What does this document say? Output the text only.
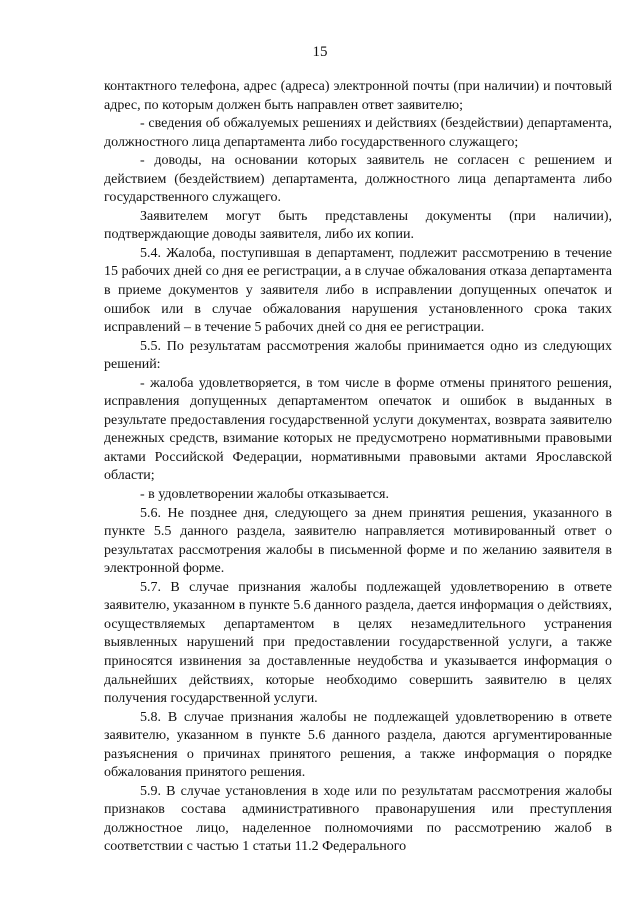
15

контактного телефона, адрес (адреса) электронной почты (при наличии) и почтовый адрес, по которым должен быть направлен ответ заявителю;

- сведения об обжалуемых решениях и действиях (бездействии) департамента, должностного лица департамента либо государственного служащего;

- доводы, на основании которых заявитель не согласен с решением и действием (бездействием) департамента, должностного лица департамента либо государственного служащего.

Заявителем могут быть представлены документы (при наличии), подтверждающие доводы заявителя, либо их копии.

5.4. Жалоба, поступившая в департамент, подлежит рассмотрению в течение 15 рабочих дней со дня ее регистрации, а в случае обжалования отказа департамента в приеме документов у заявителя либо в исправлении допущенных опечаток и ошибок или в случае обжалования нарушения установленного срока таких исправлений – в течение 5 рабочих дней со дня ее регистрации.

5.5. По результатам рассмотрения жалобы принимается одно из следующих решений:

- жалоба удовлетворяется, в том числе в форме отмены принятого решения, исправления допущенных департаментом опечаток и ошибок в выданных в результате предоставления государственной услуги документах, возврата заявителю денежных средств, взимание которых не предусмотрено нормативными правовыми актами Российской Федерации, нормативными правовыми актами Ярославской области;

- в удовлетворении жалобы отказывается.

5.6. Не позднее дня, следующего за днем принятия решения, указанного в пункте 5.5 данного раздела, заявителю направляется мотивированный ответ о результатах рассмотрения жалобы в письменной форме и по желанию заявителя в электронной форме.

5.7. В случае признания жалобы подлежащей удовлетворению в ответе заявителю, указанном в пункте 5.6 данного раздела, дается информация о действиях, осуществляемых департаментом в целях незамедлительного устранения выявленных нарушений при предоставлении государственной услуги, а также приносятся извинения за доставленные неудобства и указывается информация о дальнейших действиях, которые необходимо совершить заявителю в целях получения государственной услуги.

5.8. В случае признания жалобы не подлежащей удовлетворению в ответе заявителю, указанном в пункте 5.6 данного раздела, даются аргументированные разъяснения о причинах принятого решения, а также информация о порядке обжалования принятого решения.

5.9. В случае установления в ходе или по результатам рассмотрения жалобы признаков состава административного правонарушения или преступления должностное лицо, наделенное полномочиями по рассмотрению жалоб в соответствии с частью 1 статьи 11.2 Федерального
